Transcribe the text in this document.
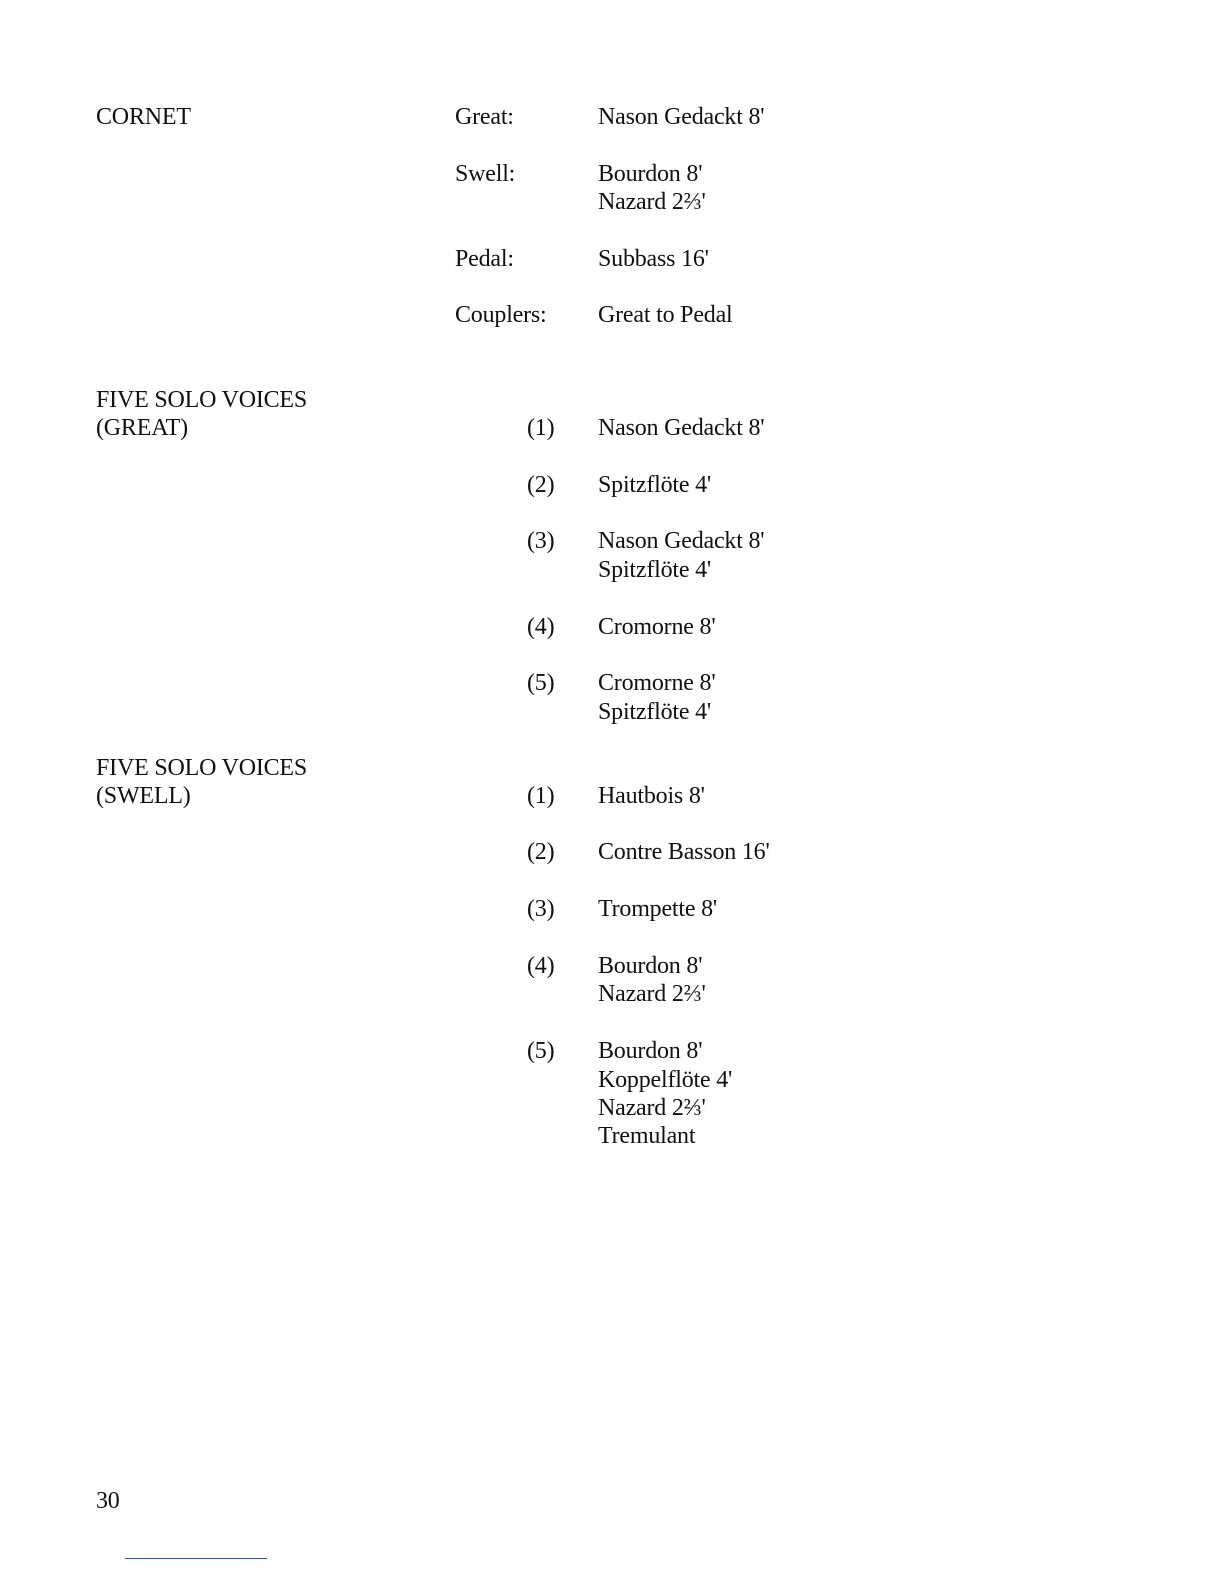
CORNET	Great:	Nason Gedackt 8'
Swell:	Bourdon 8'
Nazard 2⅔'
Pedal:	Subbass 16'
Couplers: Great to Pedal
FIVE SOLO VOICES
(GREAT)	(1) Nason Gedackt 8'
(2) Spitzflöte 4'
(3) Nason Gedackt 8'
Spitzflöte 4'
(4) Cromorne 8'
(5) Cromorne 8'
Spitzflöte 4'
FIVE SOLO VOICES
(SWELL)	(1) Hautbois 8'
(2) Contre Basson 16'
(3) Trompette 8'
(4) Bourdon 8'
Nazard 2⅔'
(5) Bourdon 8'
Koppelflöte 4'
Nazard 2⅔'
Tremulant
30
